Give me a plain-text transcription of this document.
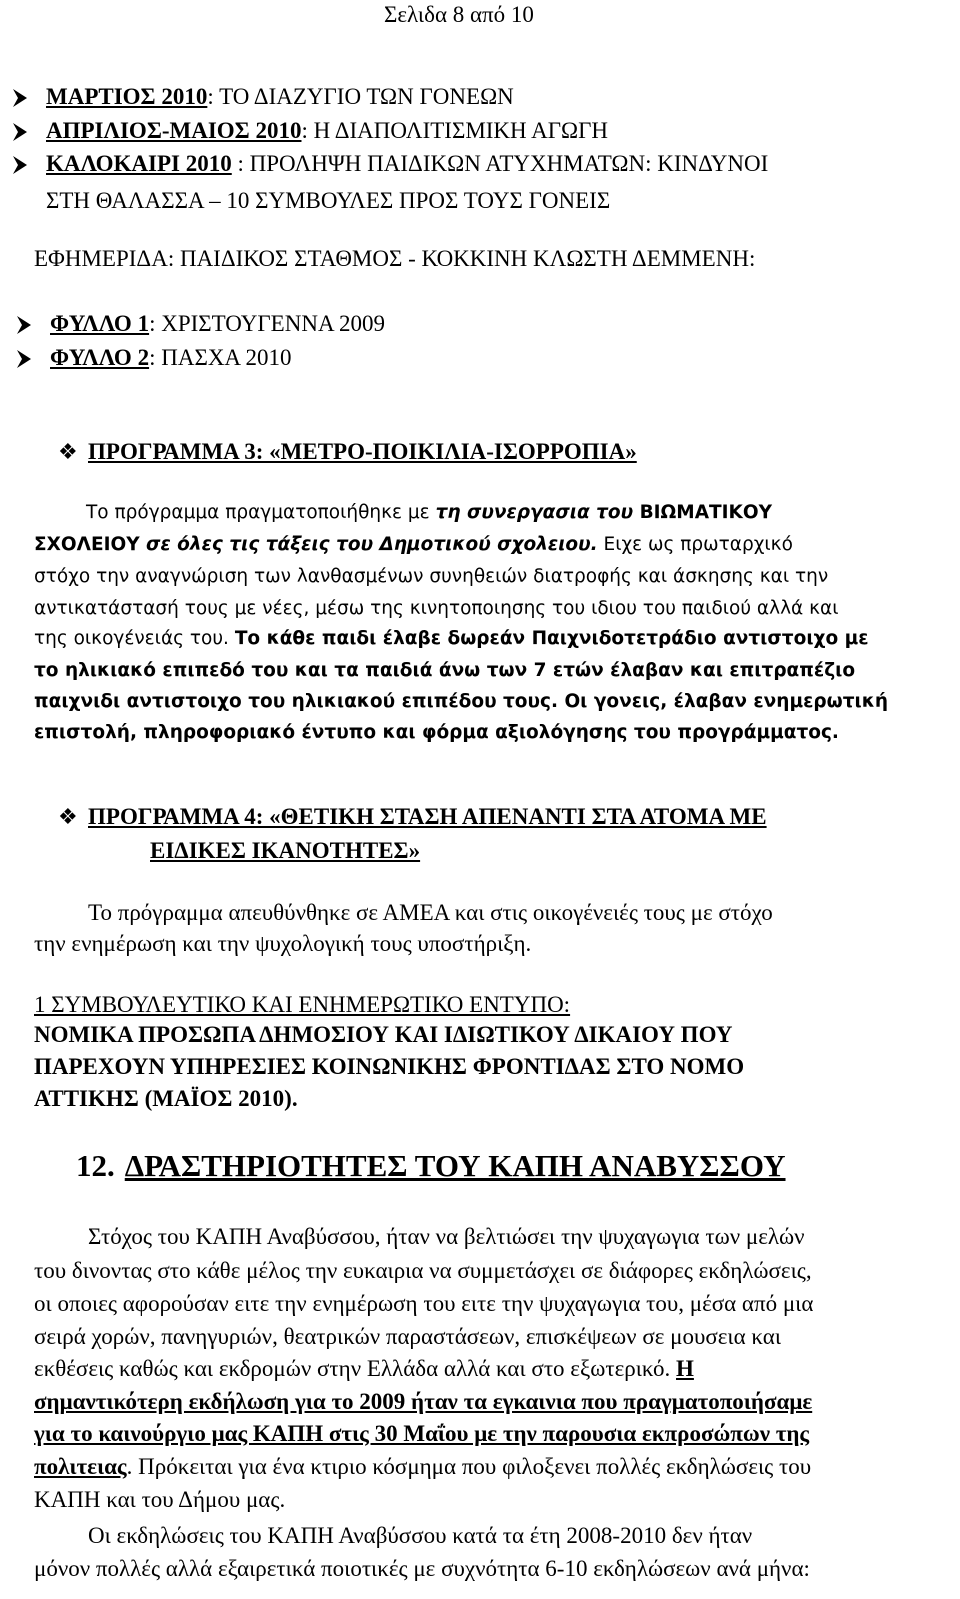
Σελιδα 8 από 10
ΜΑΡΤΙΟΣ 2010: ΤΟ ΔΙΑΖΥΓΙΟ ΤΩΝ ΓΟΝΕΩΝ
ΑΠΡΙΛΙΟΣ-ΜΑΙΟΣ 2010: Η ΔΙΑΠΟΛΙΤΙΣΜΙΚΗ ΑΓΩΓΗ
ΚΑΛΟΚΑΙΡΙ 2010 : ΠΡΟΛΗΨΗ ΠΑΙΔΙΚΩΝ ΑΤΥΧΗΜΑΤΩΝ: ΚΙΝΔΥΝΟΙ
ΣΤΗ ΘΑΛΑΣΣΑ – 10 ΣΥΜΒΟΥΛΕΣ ΠΡΟΣ ΤΟΥΣ ΓΟΝΕΙΣ
ΕΦΗΜΕΡΙΔΑ: ΠΑΙΔΙΚΟΣ ΣΤΑΘΜΟΣ - ΚΟΚΚΙΝΗ ΚΛΩΣΤΗ ΔΕΜΜΕΝΗ:
ΦΥΛΛΟ 1: ΧΡΙΣΤΟΥΓΕΝΝΑ 2009
ΦΥΛΛΟ 2: ΠΑΣΧΑ 2010
❖ ΠΡΟΓΡΑΜΜΑ 3: «ΜΕΤΡΟ-ΠΟΙΚΙΛΙΑ-ΙΣΟΡΡΟΠΙΑ»
Το πρόγραμμα πραγματοποιήθηκε με τη συνεργασια του ΒΙΩΜΑΤΙΚΟΥ
ΣΧΟΛΕΙΟΥ σε όλες τις τάξεις του Δημοτικού σχολειου. Ειχε ως πρωταρχικό
στόχο την αναγνώριση των λανθασμένων συνηθειών διατροφής και άσκησης και την
αντικατάστασή τους με νέες, μέσω της κινητοποιησης του ιδιου του παιδιού αλλά και
της οικογένειάς του. Το κάθε παιδι έλαβε δωρεάν Παιχνιδοτετράδιο αντιστοιχο με
το ηλικιακό επιπεδό του και τα παιδιά άνω των 7 ετών έλαβαν και επιτραπέζιο
παιχνιδι αντιστοιχο του ηλικιακού επιπέδου τους. Οι γονεις, έλαβαν ενημερωτική
επιστολή, πληροφοριακό έντυπο και φόρμα αξιολόγησης του προγράμματος.
❖ ΠΡΟΓΡΑΜΜΑ 4: «ΘΕΤΙΚΗ ΣΤΑΣΗ ΑΠΕΝΑΝΤΙ ΣΤΑ ΑΤΟΜΑ ΜΕ
ΕΙΔΙΚΕΣ ΙΚΑΝΟΤΗΤΕΣ»
Το πρόγραμμα απευθύνθηκε σε ΑΜΕΑ και στις οικογένειές τους με στόχο
την ενημέρωση και την ψυχολογική τους υποστήριξη.
1 ΣΥΜΒΟΥΛΕΥΤΙΚΟ ΚΑΙ ΕΝΗΜΕΡΩΤΙΚΟ ΕΝΤΥΠΟ:
ΝΟΜΙΚΑ ΠΡΟΣΩΠΑ ΔΗΜΟΣΙΟΥ ΚΑΙ ΙΔΙΩΤΙΚΟΥ ΔΙΚΑΙΟΥ ΠΟΥ
ΠΑΡΕΧΟΥΝ ΥΠΗΡΕΣΙΕΣ ΚΟΙΝΩΝΙΚΗΣ ΦΡΟΝΤΙΔΑΣ ΣΤΟ ΝΟΜΟ
ΑΤΤΙΚΗΣ (ΜΑΪΟΣ 2010).
12. ΔΡΑΣΤΗΡΙΟΤΗΤΕΣ ΤΟΥ ΚΑΠΗ ΑΝΑΒΥΣΣΟΥ
Στόχος του ΚΑΠΗ Αναβύσσου, ήταν να βελτιώσει την ψυχαγωγια των μελών
του δινοντας στο κάθε μέλος την ευκαιρια να συμμετάσχει σε διάφορες εκδηλώσεις,
οι οποιες αφορούσαν ειτε την ενημέρωση του ειτε την ψυχαγωγια του, μέσα από μια
σειρά χορών, πανηγυριών, θεατρικών παραστάσεων, επισκέψεων σε μουσεια και
εκθέσεις καθώς και εκδρομών στην Ελλάδα αλλά και στο εξωτερικό. Η
σημαντικότερη εκδήλωση για το 2009 ήταν τα εγκαινια που πραγματοποιήσαμε
για το καινούργιο μας ΚΑΠΗ στις 30 Μαΐου με την παρουσια εκπροσώπων της
πολιτειας. Πρόκειται για ένα κτιριο κόσμημα που φιλοξενει πολλές εκδηλώσεις του
ΚΑΠΗ και του Δήμου μας.
Οι εκδηλώσεις του ΚΑΠΗ Αναβύσσου κατά τα έτη 2008-2010 δεν ήταν
μόνον πολλές αλλά εξαιρετικά ποιοτικές με συχνότητα 6-10 εκδηλώσεων ανά μήνα:
